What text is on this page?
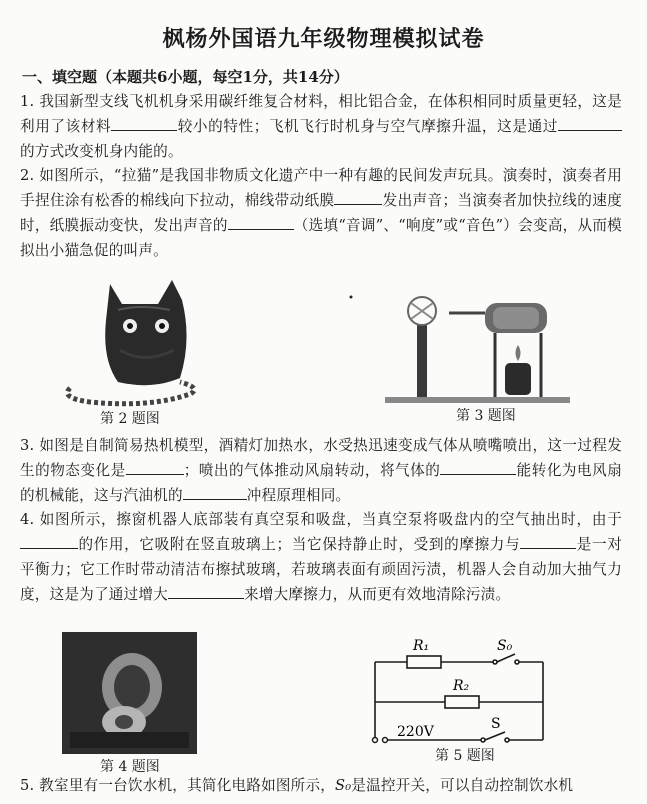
枫杨外国语九年级物理模拟试卷
一、填空题（本题共6小题，每空1分，共14分）
1. 我国新型支线飞机机身采用碳纤维复合材料，相比铝合金，在体积相同时质量更轻，这是利用了该材料	较小的特性；飞机飞行时机身与空气摩擦升温，这是通过的方式改变机身内能的。
2. 如图所示，“拉猫”是我国非物质文化遗产中一种有趣的民间发声玩具。演奏时，演奏者用手捏住涂有松香的棉线向下拉动，棉线带动纸膜	发出声音；当演奏者加快拉线的速度时，纸膜振动变快，发出声音的	（选填“音调”、“响度”或“音色”）会变高，从而模拟出小猫急促的叫声。
第 2 题图	第 3 题图
3. 如图是自制简易热机模型，酒精灯加热水，水受热迅速变成气体从喷嘴喷出，这一过程发生的物态变化是	；喷出的气体推动风扇转动，将气体的	能转化为电风扇的机械能，这与汽油机的	冲程原理相同。
4. 如图所示，擦窗机器人底部装有真空泵和吸盘，当真空泵将吸盘内的空气抽出时，由于的作用，它吸附在竖直玻璃上；当它保持静止时，受到的摩擦力与	是一对平衡力；它工作时带动清洁布擦拭玻璃，若玻璃表面有顽固污渍，机器人会自动加大抽气力度，这是为了通过增大	来增大摩擦力，从而更有效地清除污渍。
第 4 题图
R₁	S₀
R₂
S
220V
第 5 题图
5. 教室里有一台饮水机，其简化电路如图所示，S₀是温控开关，可以自动控制饮水机
